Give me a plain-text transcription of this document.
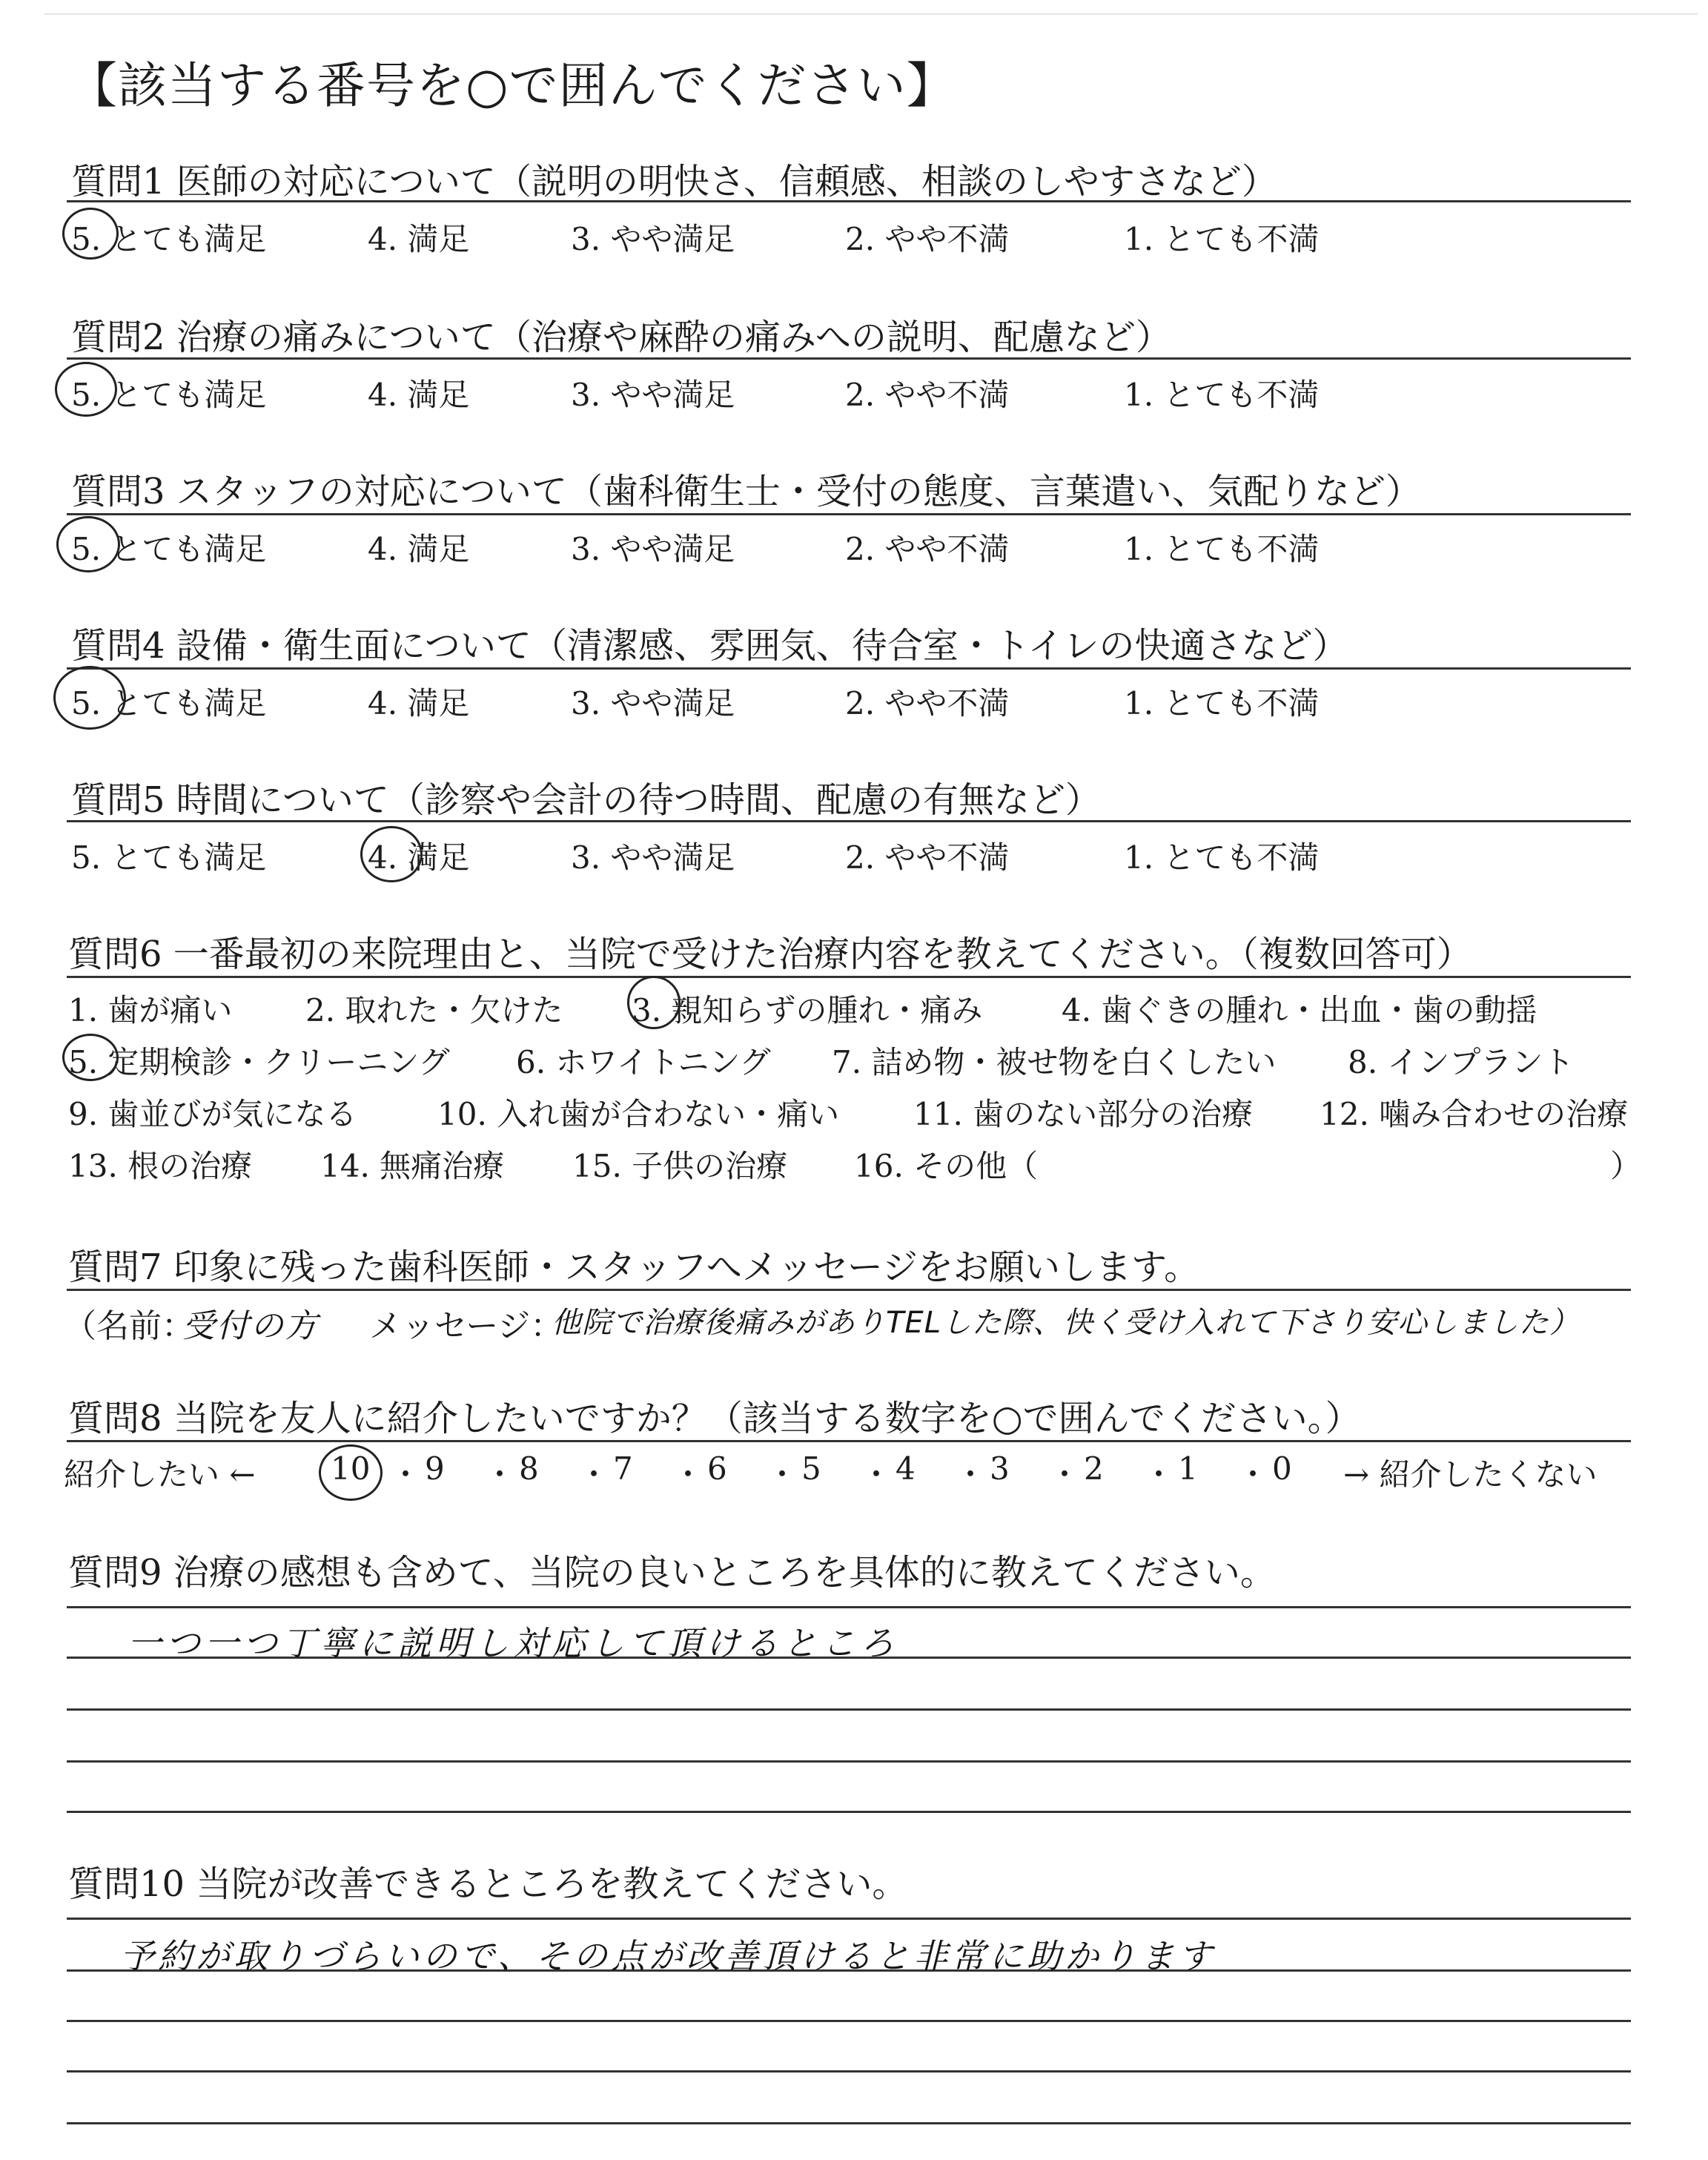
【該当する番号を○で囲んでください】
質問1 医師の対応について（説明の明快さ、信頼感、相談のしやすさなど）
5. とても満足	4. 満足	3. やや満足	2. やや不満	1. とても不満
質問2 治療の痛みについて（治療や麻酔の痛みへの説明、配慮など）
5. とても満足	4. 満足	3. やや満足	2. やや不満	1. とても不満
質問3 スタッフの対応について（歯科衛生士・受付の態度、言葉遣い、気配りなど）
5. とても満足	4. 満足	3. やや満足	2. やや不満	1. とても不満
質問4 設備・衛生面について（清潔感、雰囲気、待合室・トイレの快適さなど）
5. とても満足	4. 満足	3. やや満足	2. やや不満	1. とても不満
質問5 時間について（診察や会計の待つ時間、配慮の有無など）
5. とても満足	4. 満足	3. やや満足	2. やや不満	1. とても不満
質問6 一番最初の来院理由と、当院で受けた治療内容を教えてください。（複数回答可）
1. 歯が痛い 2. 取れた・欠けた 3. 親知らずの腫れ・痛み	4. 歯ぐきの腫れ・出血・歯の動揺
5. 定期検診・クリーニング 6. ホワイトニング 7. 詰め物・被せ物を白くしたい 8. インプラント
9. 歯並びが気になる	10. 入れ歯が合わない・痛い 11. 歯のない部分の治療 12. 噛み合わせの治療
13. 根の治療 14. 無痛治療 15. 子供の治療 16. その他（	）
質問7 印象に残った歯科医師・スタッフへメッセージをお願いします。
（名前：
受付の方 メッセージ：
他院で治療後痛みがありTELした際、快く受け入れて下さり安心しました）
質問8 当院を友人に紹介したいですか？（該当する数字を○で囲んでください。）
紹介したい ← 10 ・ 9 ・ 8 ・ 7 ・ 6 ・ 5 ・ 4 ・ 3 ・ 2 ・ 1 ・ 0 → 紹介したくない
質問9 治療の感想も含めて、当院の良いところを具体的に教えてください。
一つ一つ丁寧に説明し対応して頂けるところ
質問10 当院が改善できるところを教えてください。
予約が取りづらいので、その点が改善頂けると非常に助かります
